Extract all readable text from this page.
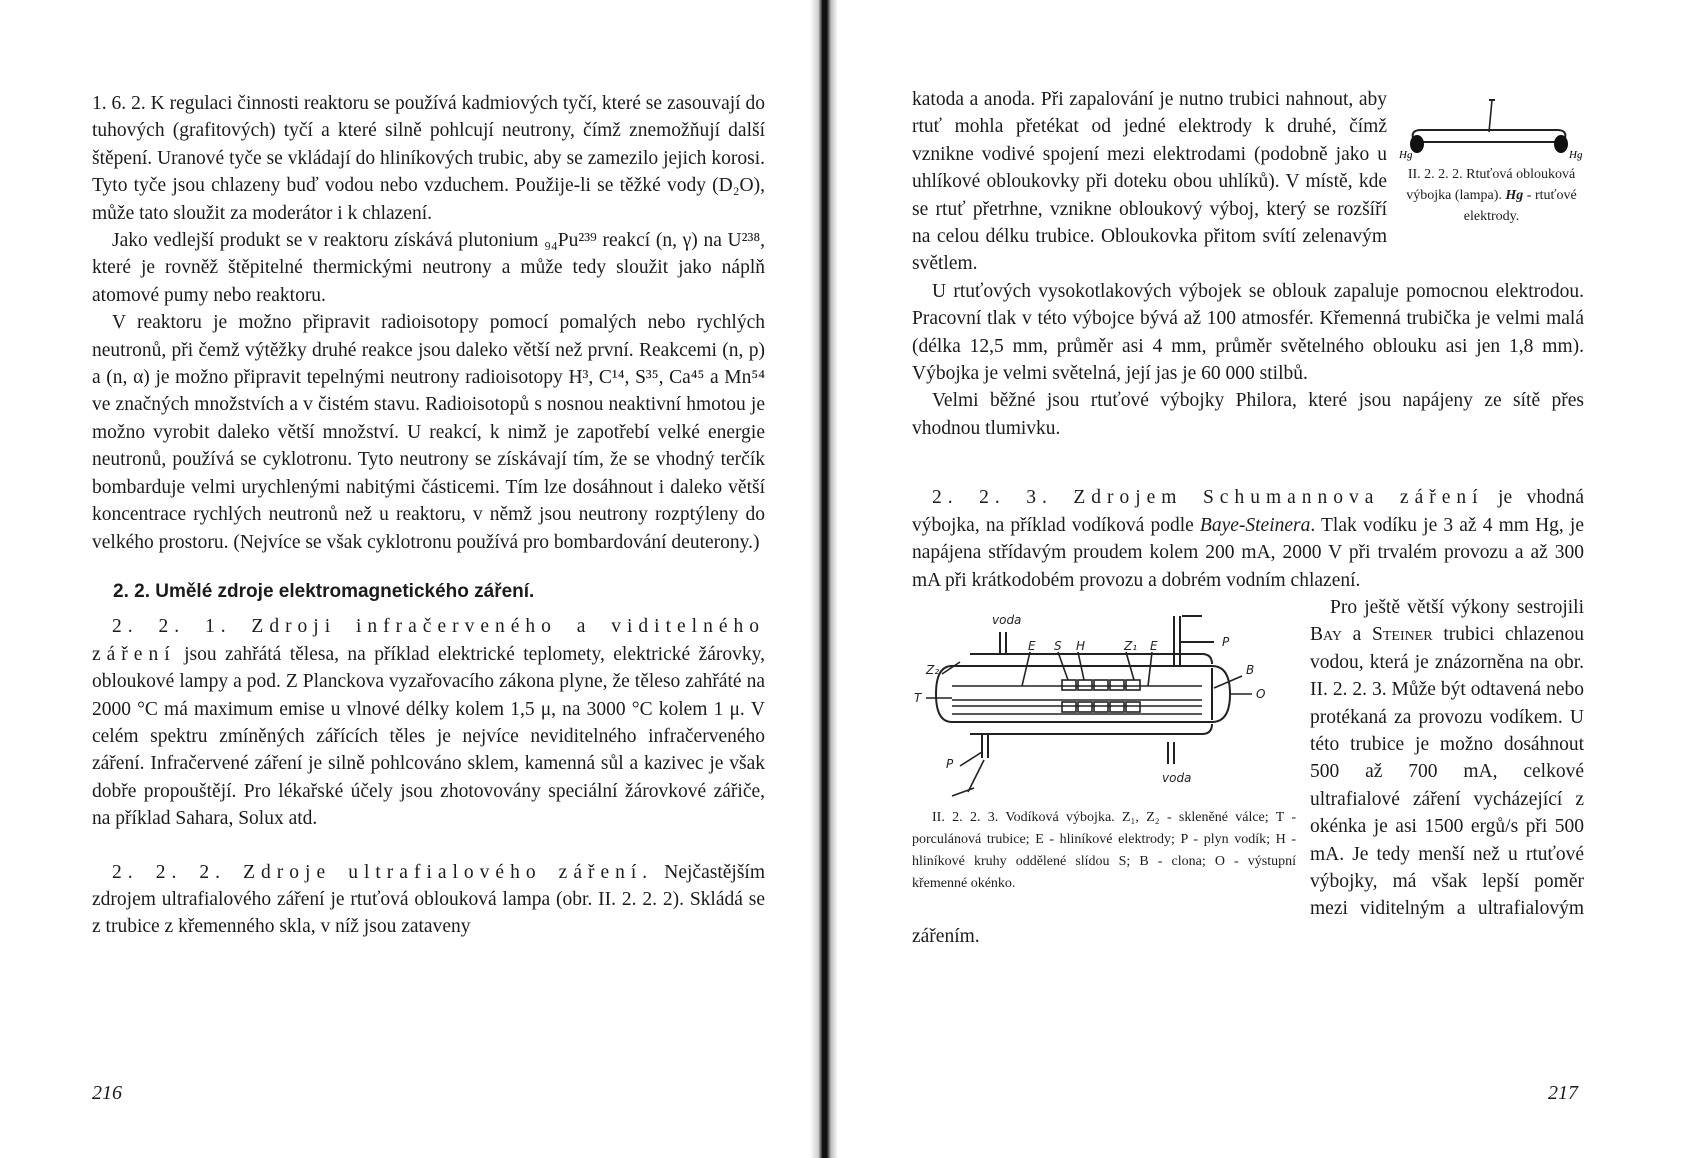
1. 6. 2. K regulaci činnosti reaktoru se používá kadmiových tyčí, které se zasouvají do tuhových (grafitových) tyčí a které silně pohlcují neutrony, čímž znemožňují další štěpení. Uranové tyče se vkládají do hliníkových trubic, aby se zamezilo jejich korosi. Tyto tyče jsou chlazeny buď vodou nebo vzduchem. Použije-li se těžké vody (D₂O), může tato sloužit za moderátor i k chlazení.

Jako vedlejší produkt se v reaktoru získává plutonium ₉₄Pu²³⁹ reakcí (n, γ) na U²³⁸, které je rovněž štěpitelné thermickými neutrony a může tedy sloužit jako náplň atomové pumy nebo reaktoru.

V reaktoru je možno připravit radioisotopy pomocí pomalých nebo rychlých neutronů, při čemž výtěžky druhé reakce jsou daleko větší než první. Reakcemi (n, p) a (n, α) je možno připravit tepelnými neutrony radioisotopy H³, C¹⁴, S³⁵, Ca⁴⁵ a Mn⁵⁴ ve značných množstvích a v čistém stavu. Radioisotopů s nosnou neaktivní hmotou je možno vyrobit daleko větší množství. U reakcí, k nimž je zapotřebí velké energie neutronů, používá se cyklotronu. Tyto neutrony se získávají tím, že se vhodný terčík bombarduje velmi urychlenými nabitými částicemi. Tím lze dosáhnout i daleko větší koncentrace rychlých neutronů než u reaktoru, v němž jsou neutrony rozptýleny do velkého prostoru. (Nejvíce se však cyklotronu používá pro bombardování deuterony.)

2. 2. Umělé zdroje elektromagnetického záření.

2. 2. 1. Zdroji infračerveného a viditelného záření jsou zahřátá tělesa, na příklad elektrické teplomety, elektrické žárovky, obloukové lampy a pod. Z Planckova vyzařovacího zákona plyne, že těleso zahřáté na 2000 °C má maximum emise u vlnové délky kolem 1,5 μ, na 3000 °C kolem 1 μ. V celém spektru zmíněných zářících těles je nejvíce neviditelného infračerveného záření. Infračervené záření je silně pohlcováno sklem, kamenná sůl a kazivec je však dobře propouštějí. Pro lékařské účely jsou zhotovovány speciální žárovkové zářiče, na příklad Sahara, Solux atd.

2. 2. 2. Zdroje ultrafialového záření. Nejčastějším zdrojem ultrafialového záření je rtuťová oblouková lampa (obr. II. 2. 2. 2). Skládá se z trubice z křemenného skla, v níž jsou zataveny

216

Hg	Hg
II. 2. 2. 2. Rtuťová oblouková výbojka (lampa). Hg - rtuťové elektrody.
katoda a anoda. Při zapalování je nutno trubici nahnout, aby rtuť mohla přetékat od jedné elektrody k druhé, čímž vznikne vodivé spojení mezi elektrodami (podobně jako u uhlíkové obloukovky při doteku obou uhlíků). V místě, kde se rtuť přetrhne, vznikne obloukový výboj, který se rozšíří na celou délku trubice. Obloukovka přitom svítí zelenavým světlem.

U rtuťových vysokotlakových výbojek se oblouk zapaluje pomocnou elektrodou. Pracovní tlak v této výbojce bývá až 100 atmosfér. Křemenná trubička je velmi malá (délka 12,5 mm, průměr asi 4 mm, průměr světelného oblouku asi jen 1,8 mm). Výbojka je velmi světelná, její jas je 60 000 stilbů.

Velmi běžné jsou rtuťové výbojky Philora, které jsou napájeny ze sítě přes vhodnou tlumivku.

2. 2. 3. Zdrojem Schumannova záření je vhodná výbojka, na příklad vodíková podle Baye-Steinera. Tlak vodíku je 3 až 4 mm Hg, je napájena střídavým proudem kolem 200 mA, 2000 V při trvalém provozu a až 300 mA při krátkodobém provozu a dobrém vodním chlazení.

voda
voda
E S H	Z₁ E
Z₂
T
P
P
B
O
II. 2. 2. 3. Vodíková výbojka. Z₁, Z₂ - skleněné válce; T - porculánová trubice; E - hliníkové elektrody; P - plyn vodík; H - hliníkové kruhy oddělené slídou S; B - clona; O - výstupní křemenné okénko.
Pro ještě větší výkony sestrojili Bay a Steiner trubici chlazenou vodou, která je znázorněna na obr. II. 2. 2. 3. Může být odtavená nebo protékaná za provozu vodíkem. U této trubice je možno dosáhnout 500 až 700 mA, celkové ultrafialové záření vycházející z okénka je asi 1500 ergů/s při 500 mA. Je tedy menší než u rtuťové výbojky, má však lepší poměr mezi viditelným a ultrafialovým zářením.

217
